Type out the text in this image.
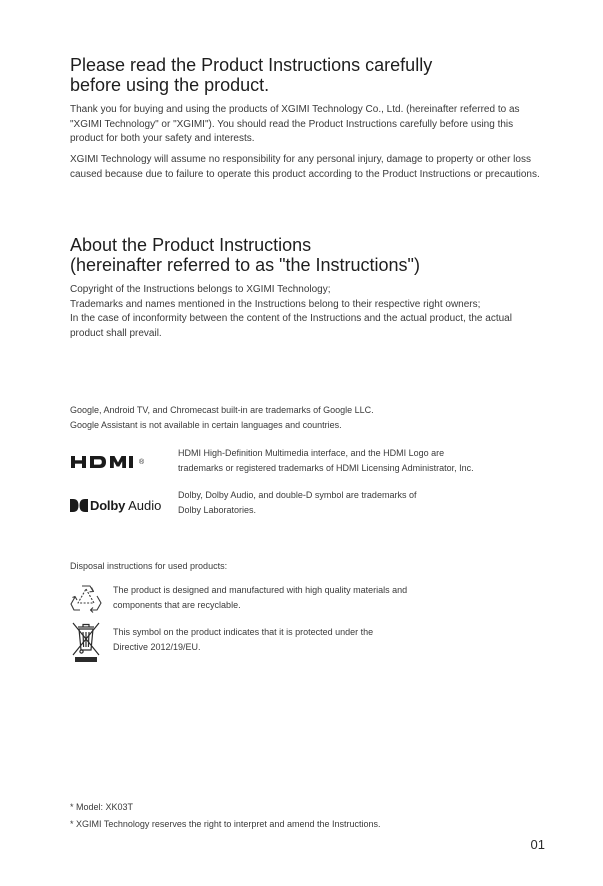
Please read the Product Instructions carefully
before using the product.

Thank you for buying and using the products of XGIMI Technology Co., Ltd. (hereinafter referred to as "XGIMI Technology" or "XGIMI"). You should read the Product Instructions carefully before using this product for both your safety and interests.

XGIMI Technology will assume no responsibility for any personal injury, damage to property or other loss caused because due to failure to operate this product according to the Product Instructions or precautions.

About the Product Instructions
(hereinafter referred to as "the Instructions")
Copyright of the Instructions belongs to XGIMI Technology;
Trademarks and names mentioned in the Instructions belong to their respective right owners;
In the case of inconformity between the content of the Instructions and the actual product, the actual product shall prevail.
Google, Android TV, and Chromecast built-in are trademarks of Google LLC.
Google Assistant is not available in certain languages and countries.
®
HDMI High-Definition Multimedia interface, and the HDMI Logo are
trademarks or registered trademarks of HDMI Licensing Administrator, Inc.
Dolby Audio
Dolby, Dolby Audio, and double-D symbol are trademarks of
Dolby Laboratories.
Disposal instructions for used products:
The product is designed and manufactured with high quality materials and
components that are recyclable.
This symbol on the product indicates that it is protected under the
Directive 2012/19/EU.
* Model: XK03T
* XGIMI Technology reserves the right to interpret and amend the Instructions.
01
